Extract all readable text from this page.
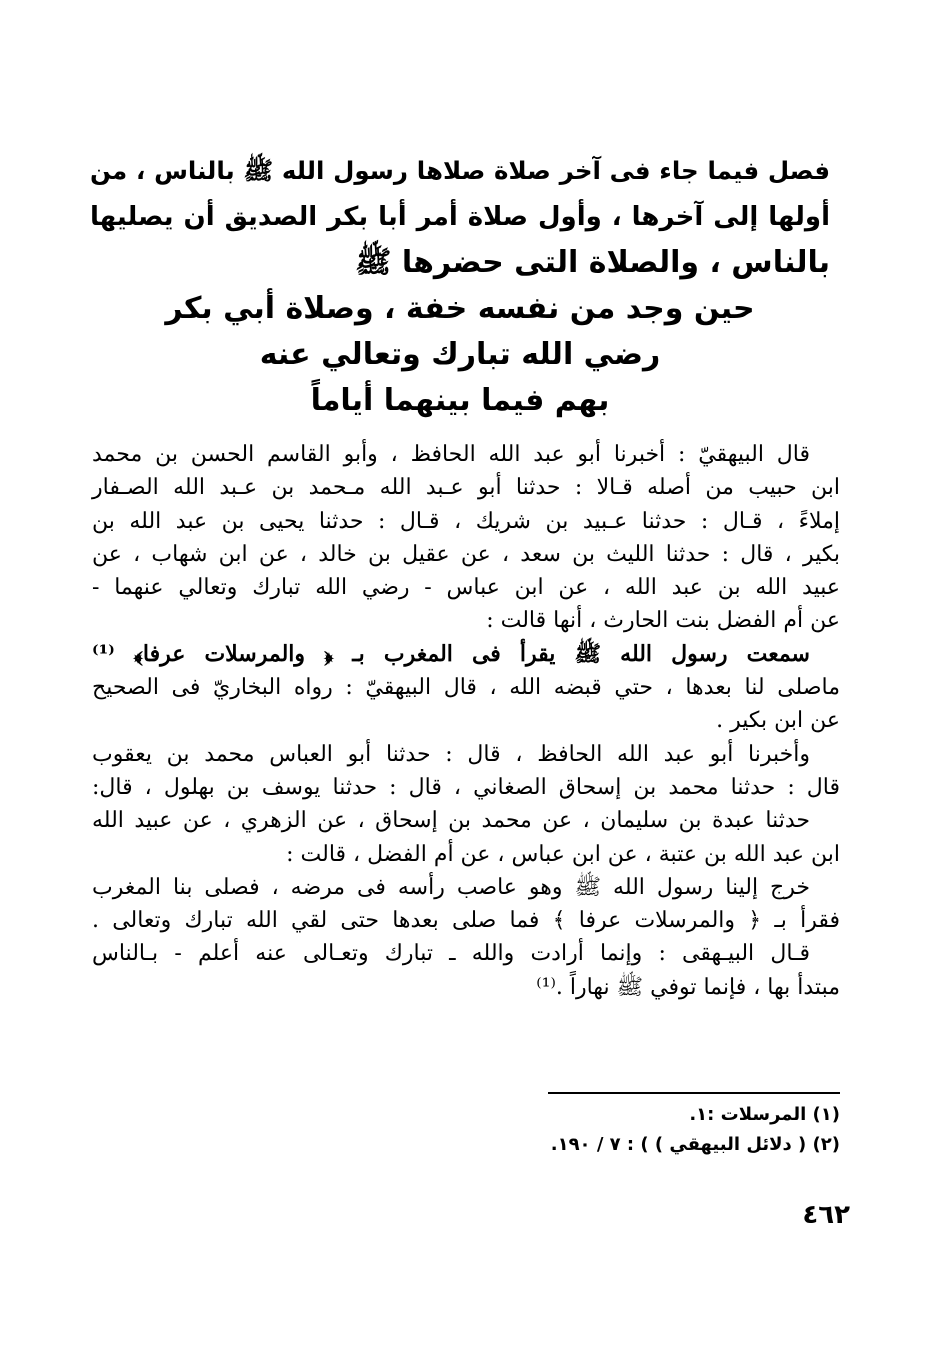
فصل فيما جاء فى آخر صلاة صلاها رسول الله ﷺ بالناس ، من
أولها إلى آخرها ، وأول صلاة أمر أبا بكر الصديق أن يصليها
بالناس ، والصلاة التى حضرها ﷺ
حين وجد من نفسه خفة ، وصلاة أبي بكر
رضي الله تبارك وتعالي عنه
بهم فيما بينهما أياماً
قال البيهقيّ : أخبرنا أبو عبد الله الحافظ ، وأبو القاسم الحسن بن محمد
ابن حبيب من أصله قـالا : حدثنا أبو عـبد الله مـحمد بن عـبد الله الصـفار
إملاءً ، قـال : حدثنا عـبيد بن شريك ، قـال : حدثنا يحيى بن عبد الله بن
بكير ، قال : حدثنا الليث بن سعد ، عن عقيل بن خالد ، عن ابن شهاب ، عن
عبيد الله بن عبد الله ، عن ابن عباس - رضي الله تبارك وتعالي عنهما -
عن أم الفضل بنت الحارث ، أنها قالت :
سمعت رسول الله ﷺ يقرأ فى المغرب بـ ﴿ والمرسلات عرفا﴾ ⁽¹⁾
ماصلى لنا بعدها ، حتي قبضه الله ، قال البيهقيّ : رواه البخاريّ فى الصحيح
عن ابن بكير .
وأخبرنا أبو عبد الله الحافظ ، قال : حدثنا أبو العباس محمد بن يعقوب
قال : حدثنا محمد بن إسحاق الصغاني ، قال : حدثنا يوسف بن بهلول ، قال:
حدثنا عبدة بن سليمان ، عن محمد بن إسحاق ، عن الزهري ، عن عبيد الله
ابن عبد الله بن عتبة ، عن ابن عباس ، عن أم الفضل ، قالت :
خرج إلينا رسول الله ﷺ وهو عاصب رأسه فى مرضه ، فصلى بنا المغرب
فقرأ بـ ﴿ والمرسلات عرفا ﴾ فما صلى بعدها حتى لقي الله تبارك وتعالى .
قـال البيـهقى : وإنما أرادت والله ـ تبارك وتعـالى عنه أعلم - بـالناس
مبتدأ بها ، فإنما توفي ﷺ نهاراً .⁽¹⁾
(١) المرسلات :١.
(٢) ( دلائل البيهقي ) ) : ٧ / ١٩٠.
٤٦٢
